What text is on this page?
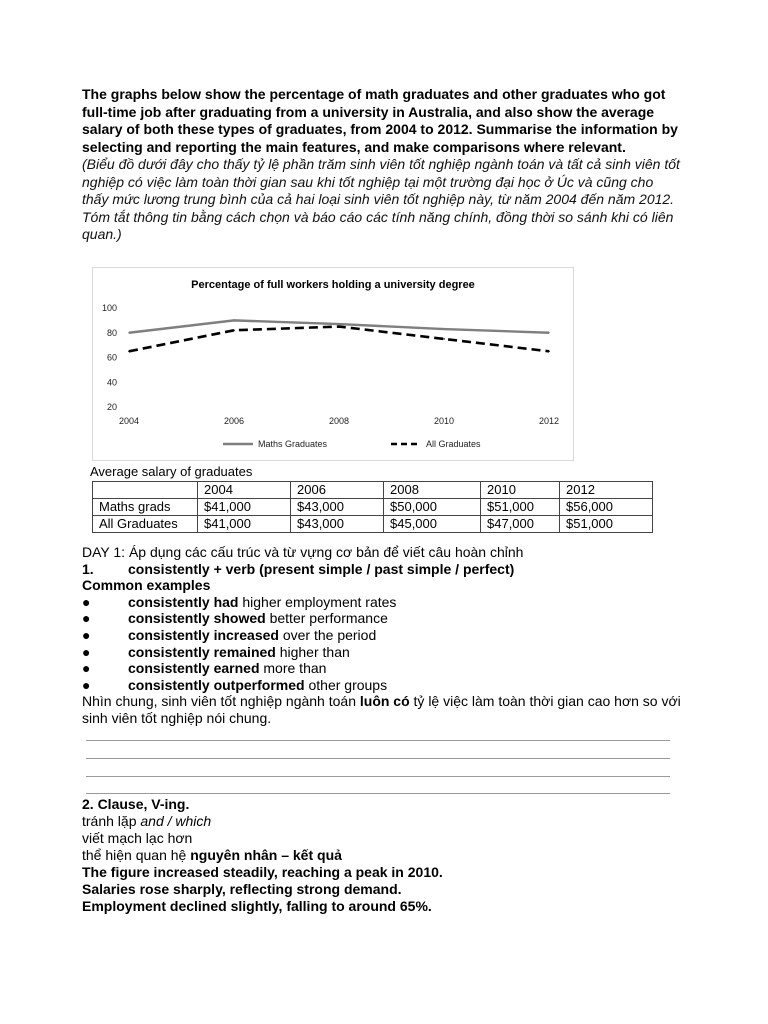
The graphs below show the percentage of math graduates and other graduates who got full-time job after graduating from a university in Australia, and also show the average salary of both these types of graduates, from 2004 to 2012. Summarise the information by selecting and reporting the main features, and make comparisons where relevant.

(Biểu đồ dưới đây cho thấy tỷ lệ phần trăm sinh viên tốt nghiệp ngành toán và tất cả sinh viên tốt nghiệp có việc làm toàn thời gian sau khi tốt nghiệp tại một trường đại học ở Úc và cũng cho thấy mức lương trung bình của cả hai loại sinh viên tốt nghiệp này, từ năm 2004 đến năm 2012. Tóm tắt thông tin bằng cách chọn và báo cáo các tính năng chính, đồng thời so sánh khi có liên quan.)

Percentage of full workers holding a university degree
20
40
60
80
100
2004	2006	2008	2010	2012
Maths Graduates	All Graduates
Average salary of graduates
	2004	2006	2008	2010	2012
Maths grads	$41,000	$43,000	$50,000	$51,000	$56,000
All Graduates	$41,000	$43,000	$45,000	$47,000	$51,000

DAY 1: Áp dụng các cấu trúc và từ vựng cơ bản để viết câu hoàn chỉnh

1.	consistently + verb (present simple / past simple / perfect)

Common examples

●	consistently had higher employment rates
●	consistently showed better performance
●	consistently increased over the period
●	consistently remained higher than
●	consistently earned more than
●	consistently outperformed other groups

Nhìn chung, sinh viên tốt nghiệp ngành toán luôn có tỷ lệ việc làm toàn thời gian cao hơn so với sinh viên tốt nghiệp nói chung.

2. Clause, V-ing.

tránh lặp and / which

viết mạch lạc hơn

thể hiện quan hệ nguyên nhân – kết quả

The figure increased steadily, reaching a peak in 2010.

Salaries rose sharply, reflecting strong demand.

Employment declined slightly, falling to around 65%.
